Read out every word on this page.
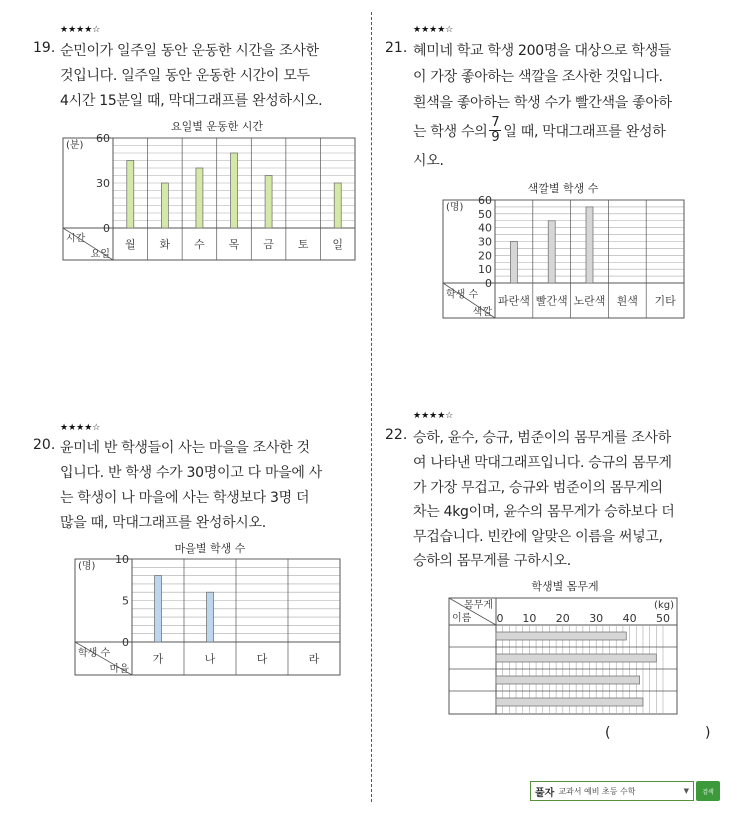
★★★★☆
19. 순민이가 일주일 동안 운동한 시간을 조사한
것입니다. 일주일 동안 운동한 시간이 모두
4시간 15분일 때, 막대그래프를 완성하시오.
요일별 운동한 시간
시간
요일
(분)
60
30
0
월 화 수 목 금 토 일
학생 수
색깔
(명)
60
50
40
30
20
10
0
파란색 빨간색 노란색 흰색 기타
학생 수
마을
(명)
10
5
0
가	나	다	라
몸무게
이름
(kg)
0 10 20 30 40 50
★★★★☆
21. 혜미네 학교 학생 200명을 대상으로 학생들
이 가장 좋아하는 색깔을 조사한 것입니다.
흰색을 좋아하는 학생 수가 빨간색을 좋아하
는 학생 수의 $\frac{7}{9}$ 일 때, 막대그래프를 완성하
시오.
색깔별 학생 수
★★★★☆
20. 윤미네 반 학생들이 사는 마을을 조사한 것
입니다. 반 학생 수가 30명이고 다 마을에 사
는 학생이 나 마을에 사는 학생보다 3명 더
많을 때, 막대그래프를 완성하시오.
마을별 학생 수
★★★★☆
22. 승하, 윤수, 승규, 범준이의 몸무게를 조사하
여 나타낸 막대그래프입니다. 승규의 몸무게
가 가장 무겁고, 승규와 범준이의 몸무게의
차는 4kg이며, 윤수의 몸무게가 승하보다 더
무겁습니다. 빈칸에 알맞은 이름을 써넣고,
승하의 몸무게를 구하시오.
학생별 몸무게
(	)
풀자 교과서 예비 초등 수학	▼	검색
